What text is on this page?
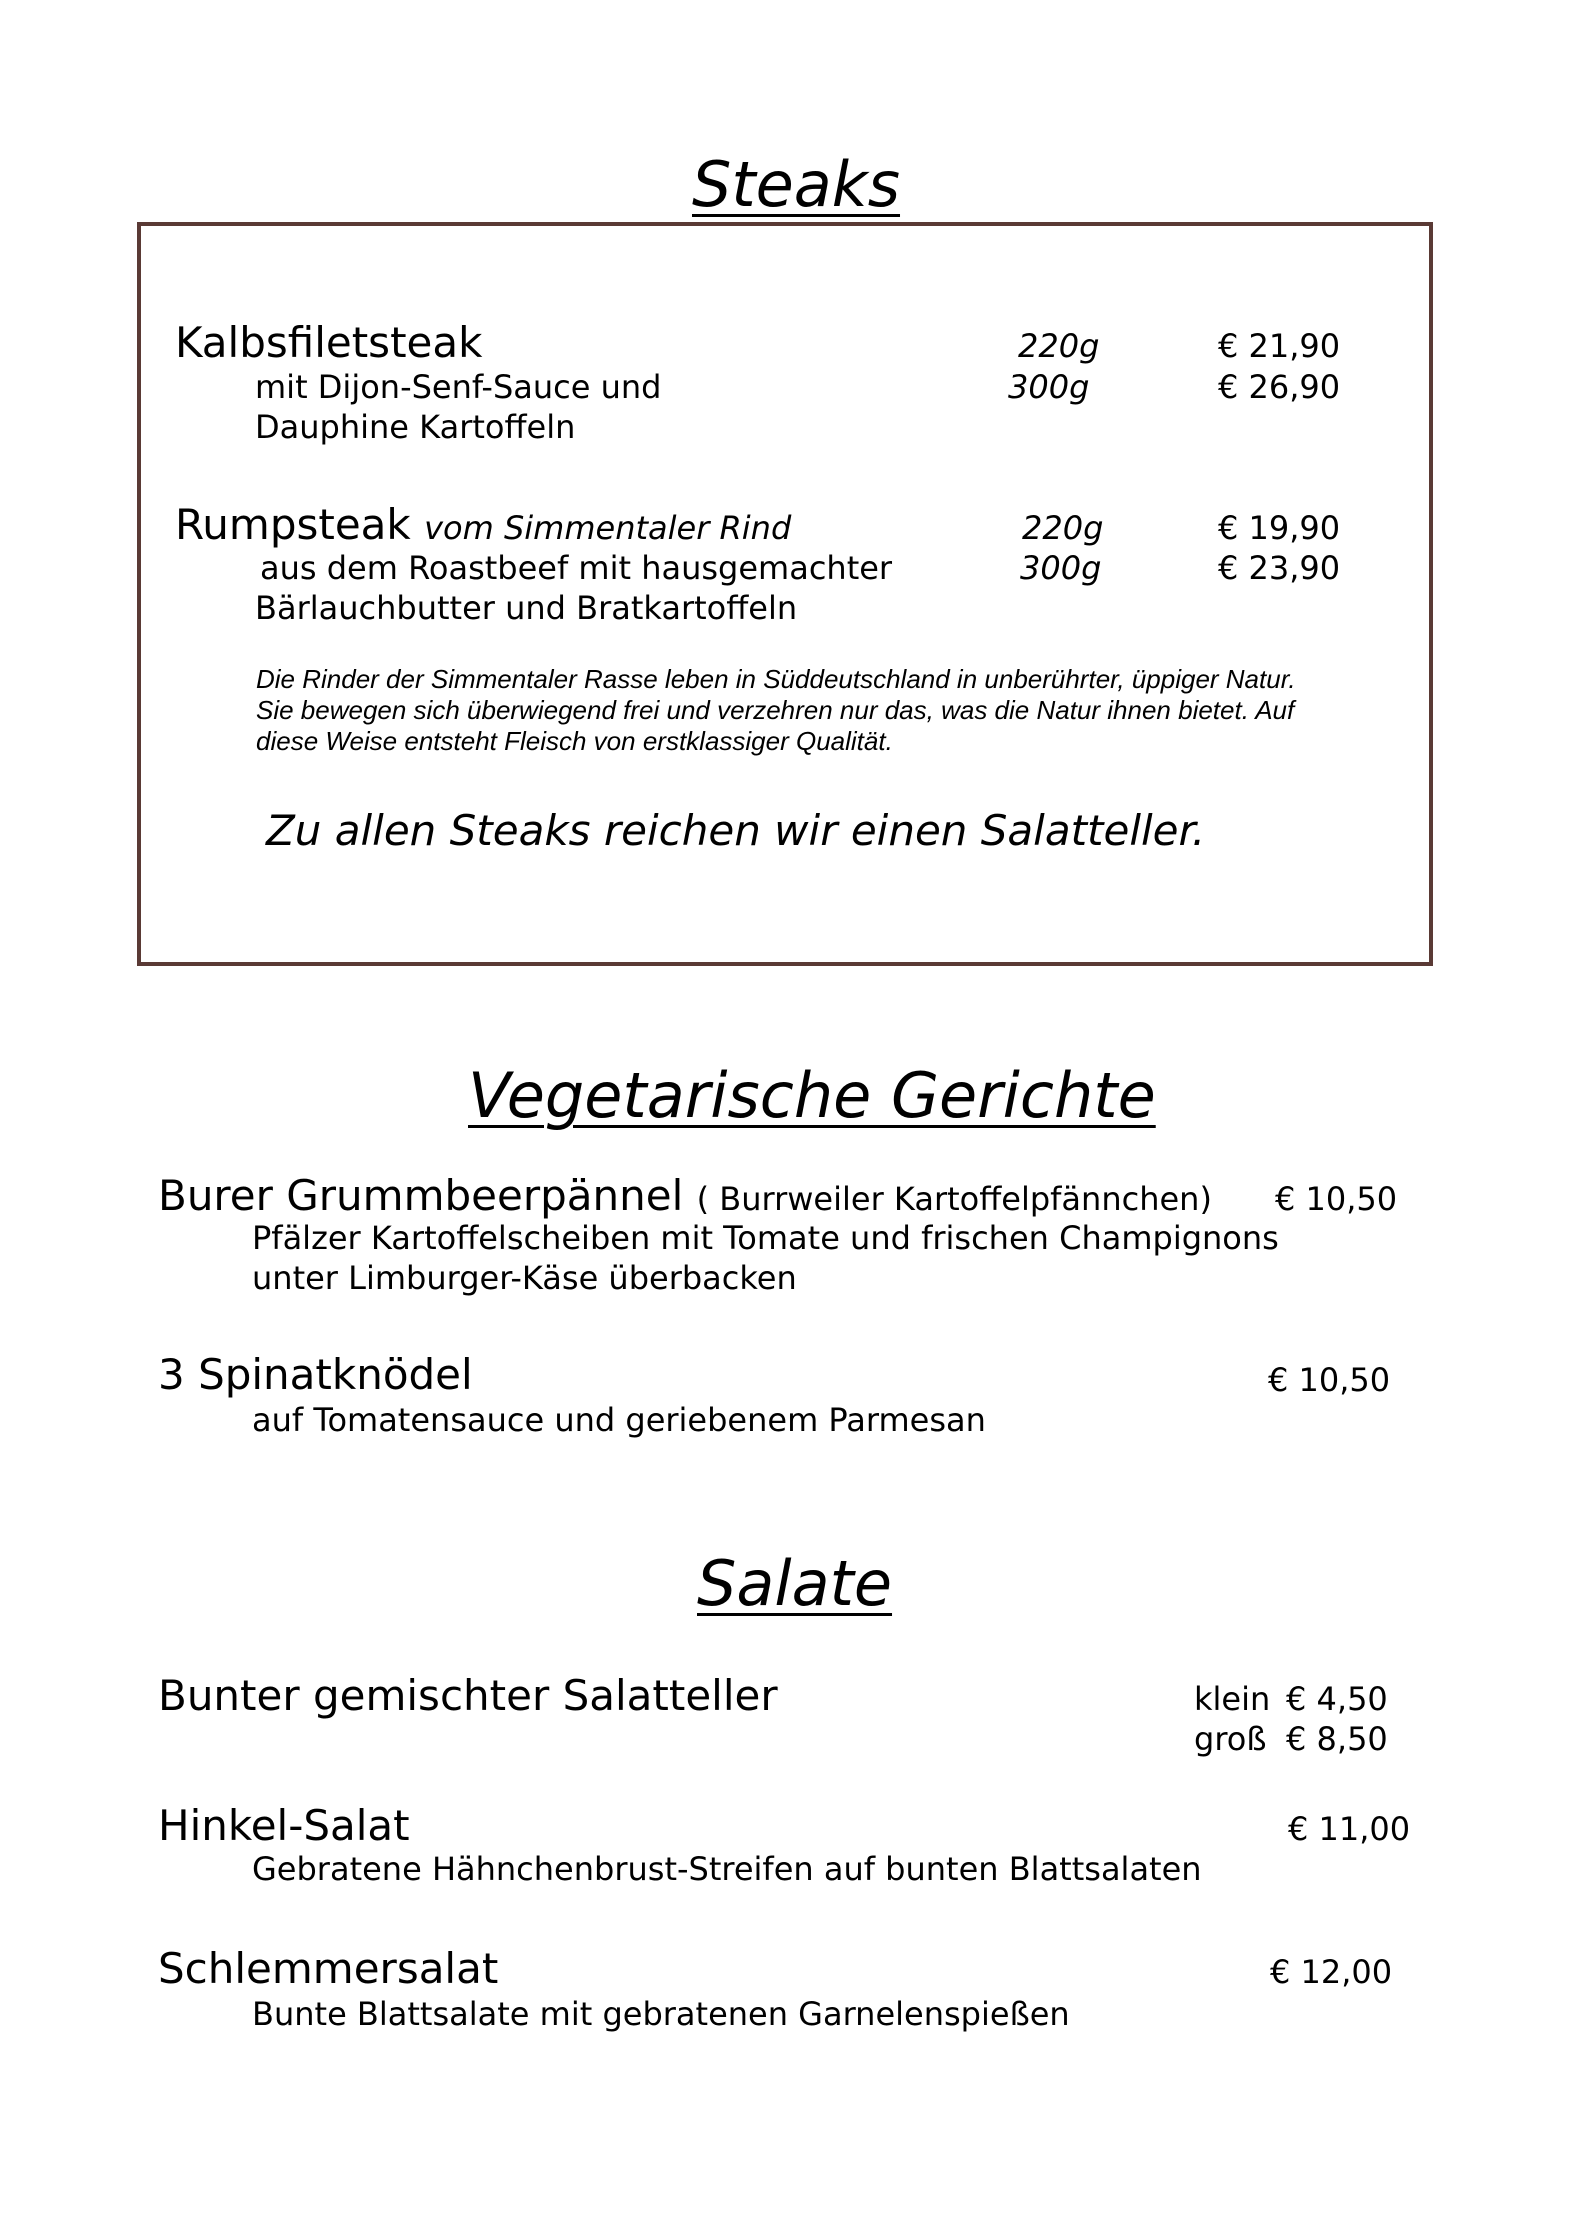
Steaks
Kalbsfiletsteak	220g	€ 21,90
mit Dijon-Senf-Sauce und	300g	€ 26,90
Dauphine Kartoffeln
Rumpsteak vom Simmentaler Rind	220g	€ 19,90
aus dem Roastbeef mit hausgemachter	300g	€ 23,90
Bärlauchbutter und Bratkartoffeln
Die Rinder der Simmentaler Rasse leben in Süddeutschland in unberührter, üppiger Natur. Sie bewegen sich überwiegend frei und verzehren nur das, was die Natur ihnen bietet. Auf diese Weise entsteht Fleisch von erstklassiger Qualität.
Zu allen Steaks reichen wir einen Salatteller.
Vegetarische Gerichte
Burer Grummbeerpännel ( Burrweiler Kartoffelpfännchen) € 10,50
Pfälzer Kartoffelscheiben mit Tomate und frischen Champignons
unter Limburger-Käse überbacken
3 Spinatknödel	€ 10,50
auf Tomatensauce und geriebenem Parmesan
Salate
Bunter gemischter Salatteller	klein € 4,50
groß € 8,50
Hinkel-Salat	€ 11,00
Gebratene Hähnchenbrust-Streifen auf bunten Blattsalaten
Schlemmersalat	€ 12,00
Bunte Blattsalate mit gebratenen Garnelenspießen
